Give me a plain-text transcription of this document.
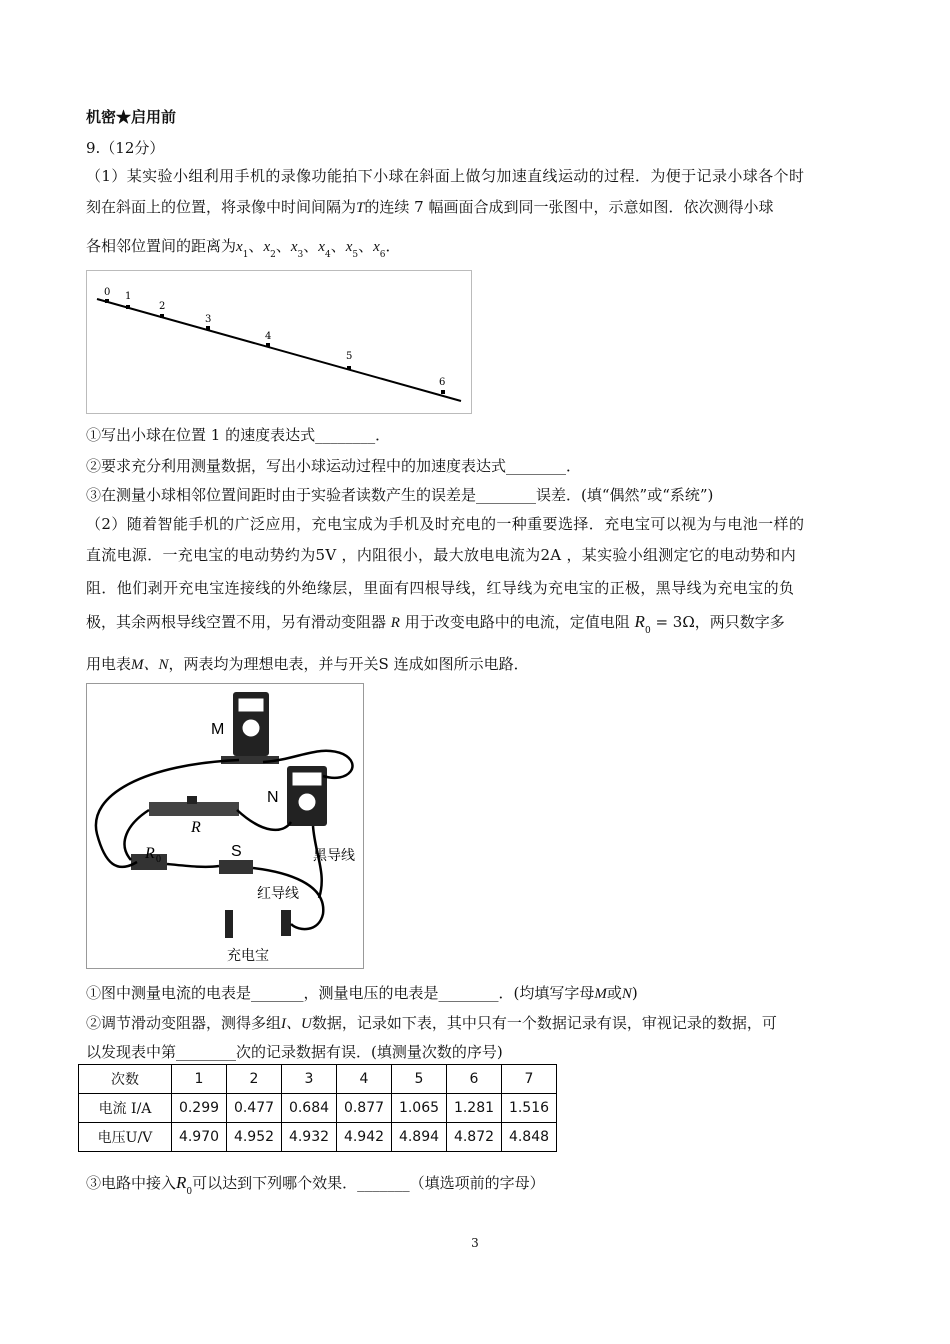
机密★启用前
9.（12分）
（1）某实验小组利用手机的录像功能拍下小球在斜面上做匀加速直线运动的过程．为便于记录小球各个时
刻在斜面上的位置，将录像中时间间隔为T的连续 7 幅画面合成到同一张图中，示意如图．依次测得小球
各相邻位置间的距离为$x_1$、$x_2$、$x_3$、$x_4$、$x_5$、$x_6$．
0 1
2
3
4
5
6
①写出小球在位置 1 的速度表达式________．
②要求充分利用测量数据，写出小球运动过程中的加速度表达式________．
③在测量小球相邻位置间距时由于实验者读数产生的误差是________误差．(填“偶然”或“系统”)
（2）随着智能手机的广泛应用，充电宝成为手机及时充电的一种重要选择．充电宝可以视为与电池一样的
直流电源．一充电宝的电动势约为5V ，内阻很小，最大放电电流为2A ，某实验小组测定它的电动势和内
阻．他们剥开充电宝连接线的外绝缘层，里面有四根导线，红导线为充电宝的正极，黑导线为充电宝的负
极，其余两根导线空置不用，另有滑动变阻器 R 用于改变电路中的电流，定值电阻 $R_0 = 3\Omega$，两只数字多
用电表M、N，两表均为理想电表，并与开关S 连成如图所示电路．
M
N
R
R 0	S	黑导线
红导线
充电宝
①图中测量电流的电表是_______，测量电压的电表是________．(均填写字母M或N)
②调节滑动变阻器，测得多组I、U数据，记录如下表，其中只有一个数据记录有误，审视记录的数据，可
以发现表中第________次的记录数据有误．(填测量次数的序号)
次数	1	2	3	4	5	6	7
电流 I/A	0.299	0.477	0.684	0.877	1.065	1.281	1.516
电压U/V	4.970	4.952	4.932	4.942	4.894	4.872	4.848
③电路中接入$R_0$可以达到下列哪个效果．_______（填选项前的字母）
3
